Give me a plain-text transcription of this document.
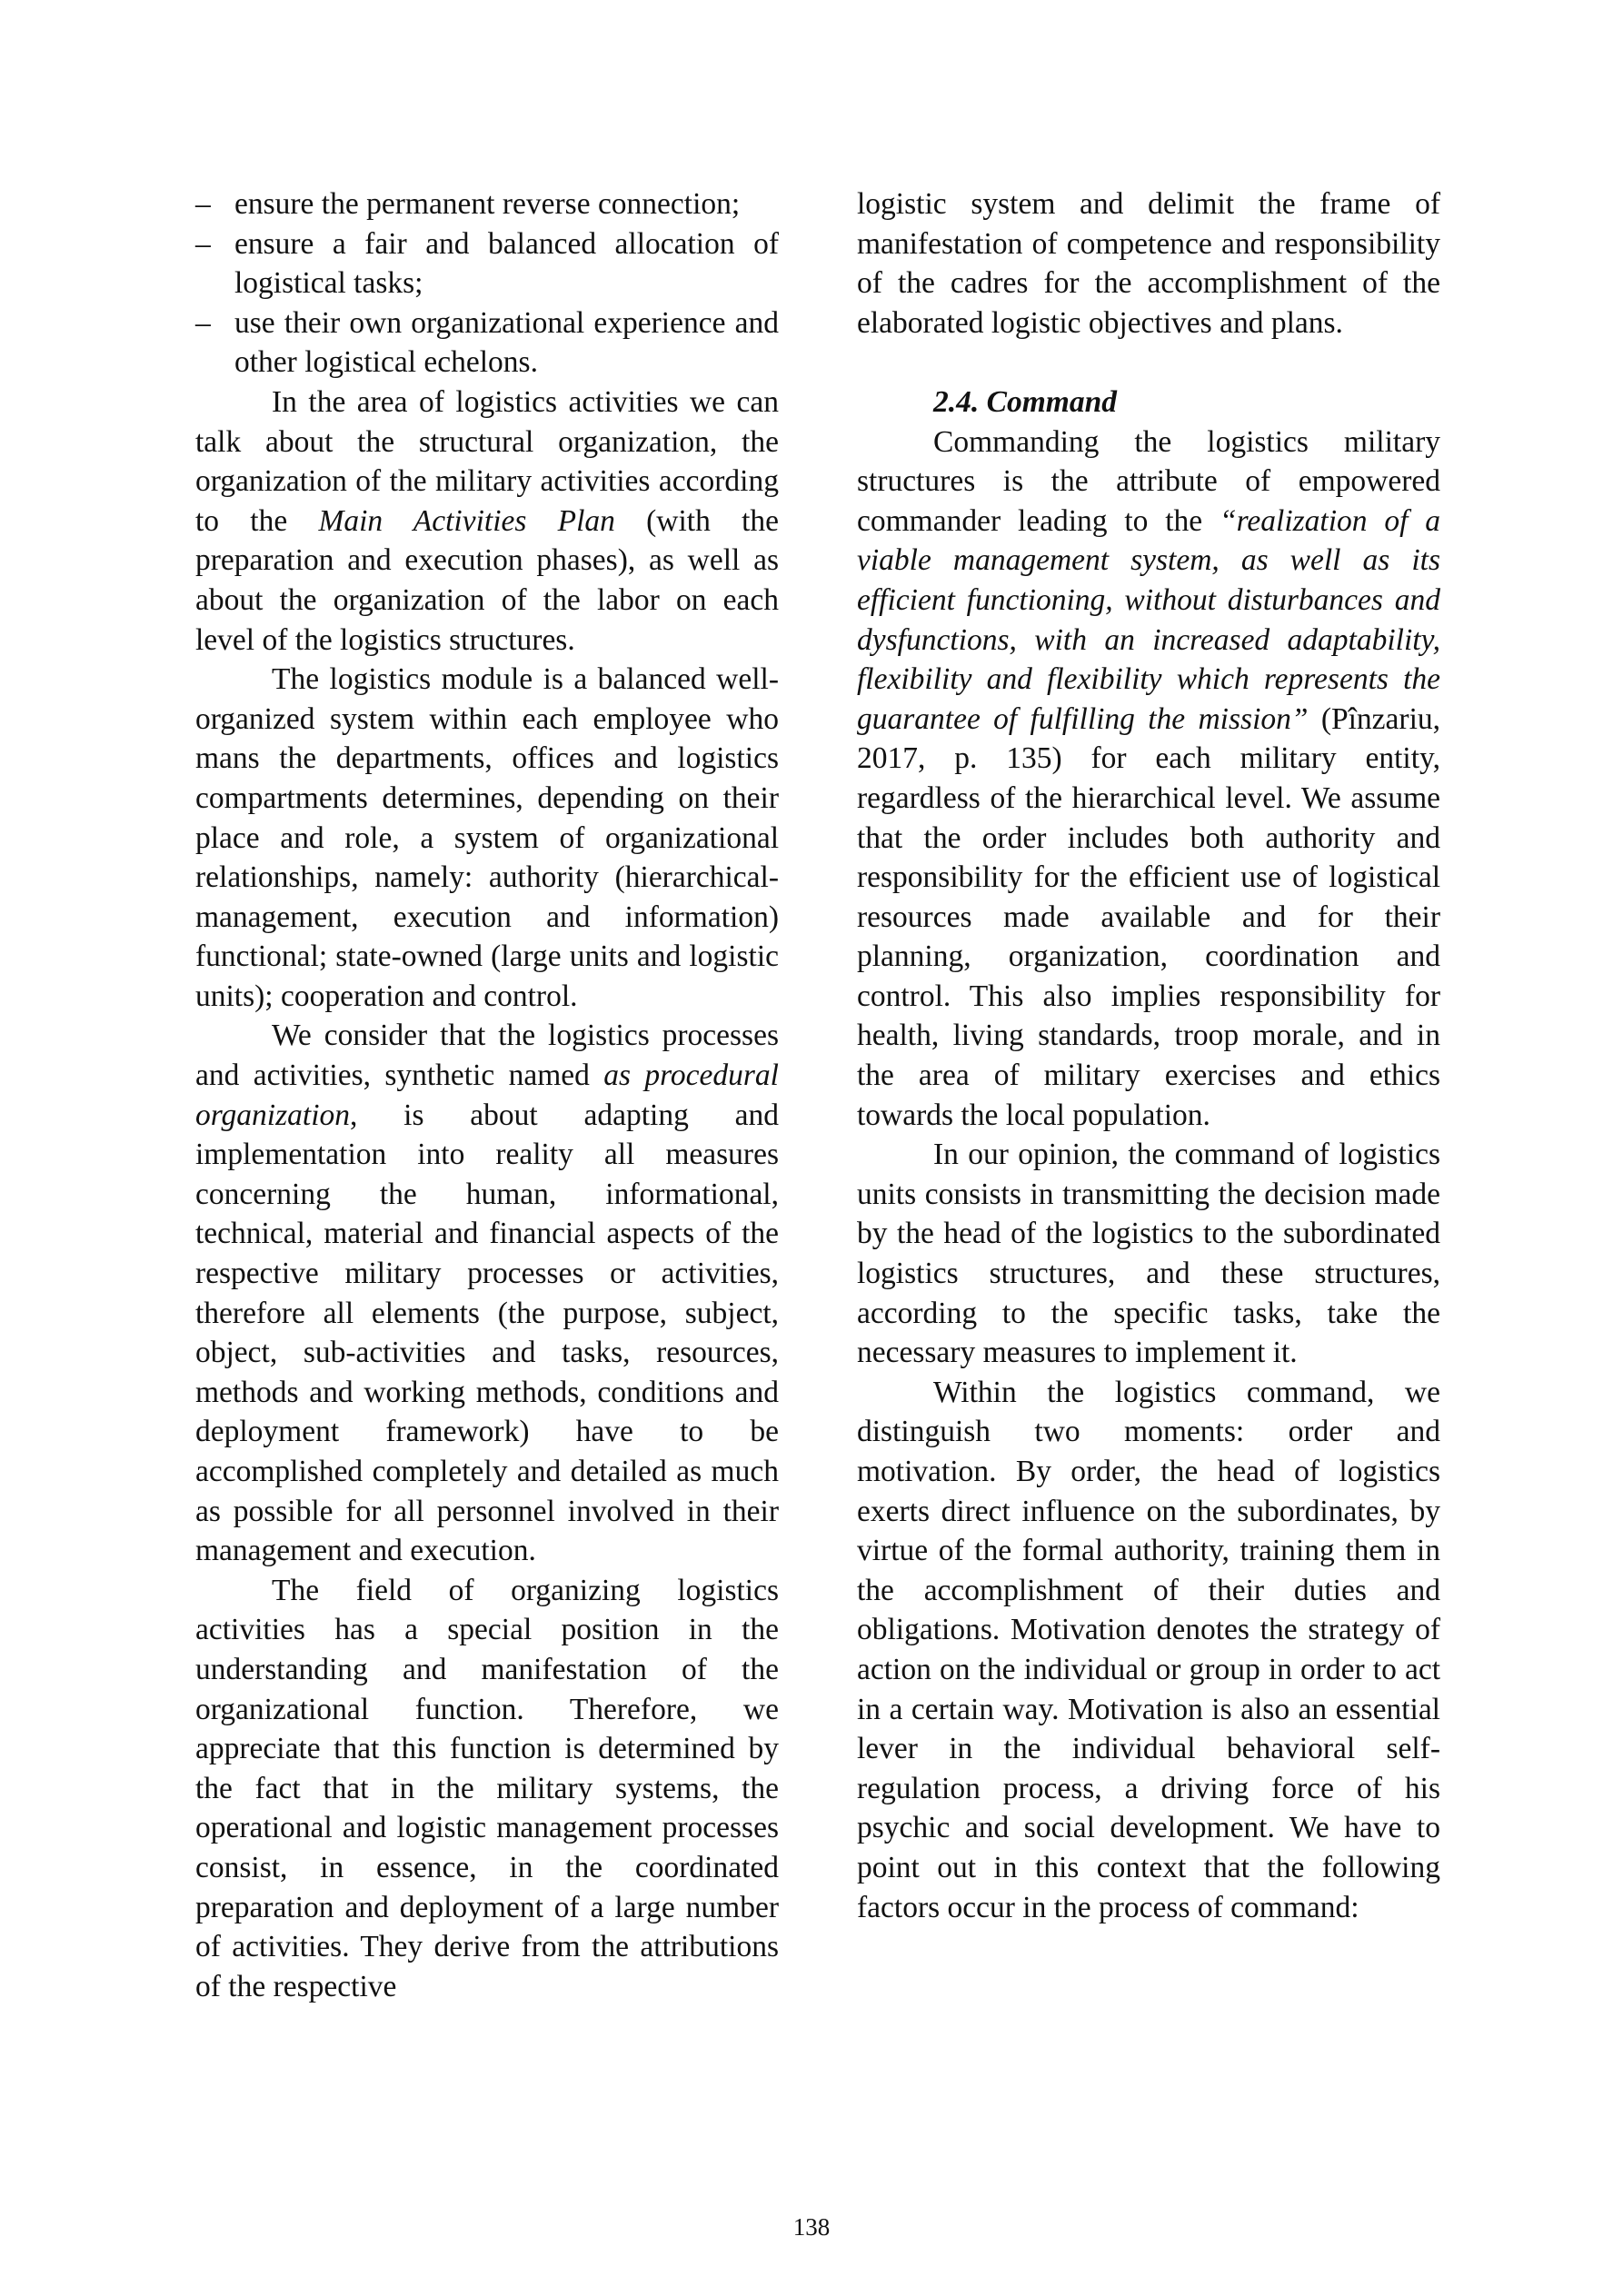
– ensure the permanent reverse connection;
– ensure a fair and balanced allocation of logistical tasks;
– use their own organizational experience and other logistical echelons.

In the area of logistics activities we can talk about the structural organization, the organization of the military activities according to the Main Activities Plan (with the preparation and execution phases), as well as about the organization of the labor on each level of the logistics structures.

The logistics module is a balanced well-organized system within each employee who mans the departments, offices and logistics compartments determines, depending on their place and role, a system of organizational relationships, namely: authority (hierarchical-management, execution and information) functional; state-owned (large units and logistic units); cooperation and control.

We consider that the logistics processes and activities, synthetic named as procedural organization, is about adapting and implementation into reality all measures concerning the human, informational, technical, material and financial aspects of the respective military processes or activities, therefore all elements (the purpose, subject, object, sub-activities and tasks, resources, methods and working methods, conditions and deployment framework) have to be accomplished completely and detailed as much as possible for all personnel involved in their management and execution.

The field of organizing logistics activities has a special position in the understanding and manifestation of the organizational function. Therefore, we appreciate that this function is determined by the fact that in the military systems, the operational and logistic management processes consist, in essence, in the coordinated preparation and deployment of a large number of activities. They derive from the attributions of the respective

logistic system and delimit the frame of manifestation of competence and responsibility of the cadres for the accomplishment of the elaborated logistic objectives and plans.

2.4. Command

Commanding the logistics military structures is the attribute of empowered commander leading to the “realization of a viable management system, as well as its efficient functioning, without disturbances and dysfunctions, with an increased adaptability, flexibility and flexibility which represents the guarantee of fulfilling the mission” (Pînzariu, 2017, p. 135) for each military entity, regardless of the hierarchical level. We assume that the order includes both authority and responsibility for the efficient use of logistical resources made available and for their planning, organization, coordination and control. This also implies responsibility for health, living standards, troop morale, and in the area of military exercises and ethics towards the local population.

In our opinion, the command of logistics units consists in transmitting the decision made by the head of the logistics to the subordinated logistics structures, and these structures, according to the specific tasks, take the necessary measures to implement it.

Within the logistics command, we distinguish two moments: order and motivation. By order, the head of logistics exerts direct influence on the subordinates, by virtue of the formal authority, training them in the accomplishment of their duties and obligations. Motivation denotes the strategy of action on the individual or group in order to act in a certain way. Motivation is also an essential lever in the individual behavioral self-regulation process, a driving force of his psychic and social development. We have to point out in this context that the following factors occur in the process of command:

138
